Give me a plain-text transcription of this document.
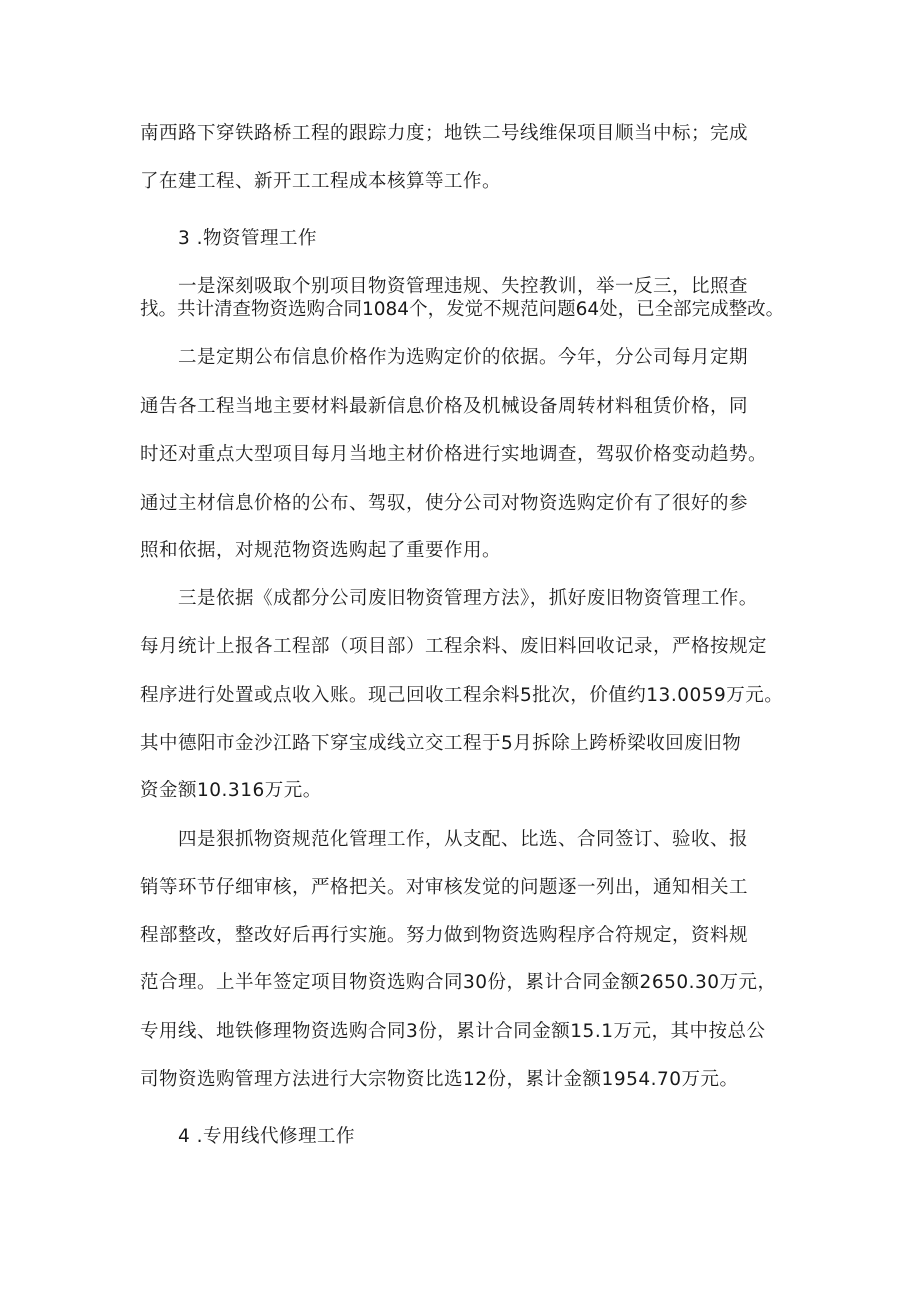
南西路下穿铁路桥工程的跟踪力度；地铁二号线维保项目顺当中标；完成
了在建工程、新开工工程成本核算等工作。
3 .物资管理工作
一是深刻吸取个别项目物资管理违规、失控教训，举一反三，比照查
找。共计清查物资选购合同1084个，发觉不规范问题64处，已全部完成整改。
二是定期公布信息价格作为选购定价的依据。今年，分公司每月定期
通告各工程当地主要材料最新信息价格及机械设备周转材料租赁价格，同
时还对重点大型项目每月当地主材价格进行实地调查，驾驭价格变动趋势。
通过主材信息价格的公布、驾驭，使分公司对物资选购定价有了很好的参
照和依据，对规范物资选购起了重要作用。
三是依据《成都分公司废旧物资管理方法》，抓好废旧物资管理工作。
每月统计上报各工程部（项目部）工程余料、废旧料回收记录，严格按规定
程序进行处置或点收入账。现己回收工程余料5批次，价值约13.0059万元。
其中德阳市金沙江路下穿宝成线立交工程于5月拆除上跨桥梁收回废旧物
资金额10.316万元。
四是狠抓物资规范化管理工作，从支配、比选、合同签订、验收、报
销等环节仔细审核，严格把关。对审核发觉的问题逐一列出，通知相关工
程部整改，整改好后再行实施。努力做到物资选购程序合符规定，资料规
范合理。上半年签定项目物资选购合同30份，累计合同金额2650.30万元，
专用线、地铁修理物资选购合同3份，累计合同金额15.1万元，其中按总公
司物资选购管理方法进行大宗物资比选12份，累计金额1954.70万元。
4 .专用线代修理工作
